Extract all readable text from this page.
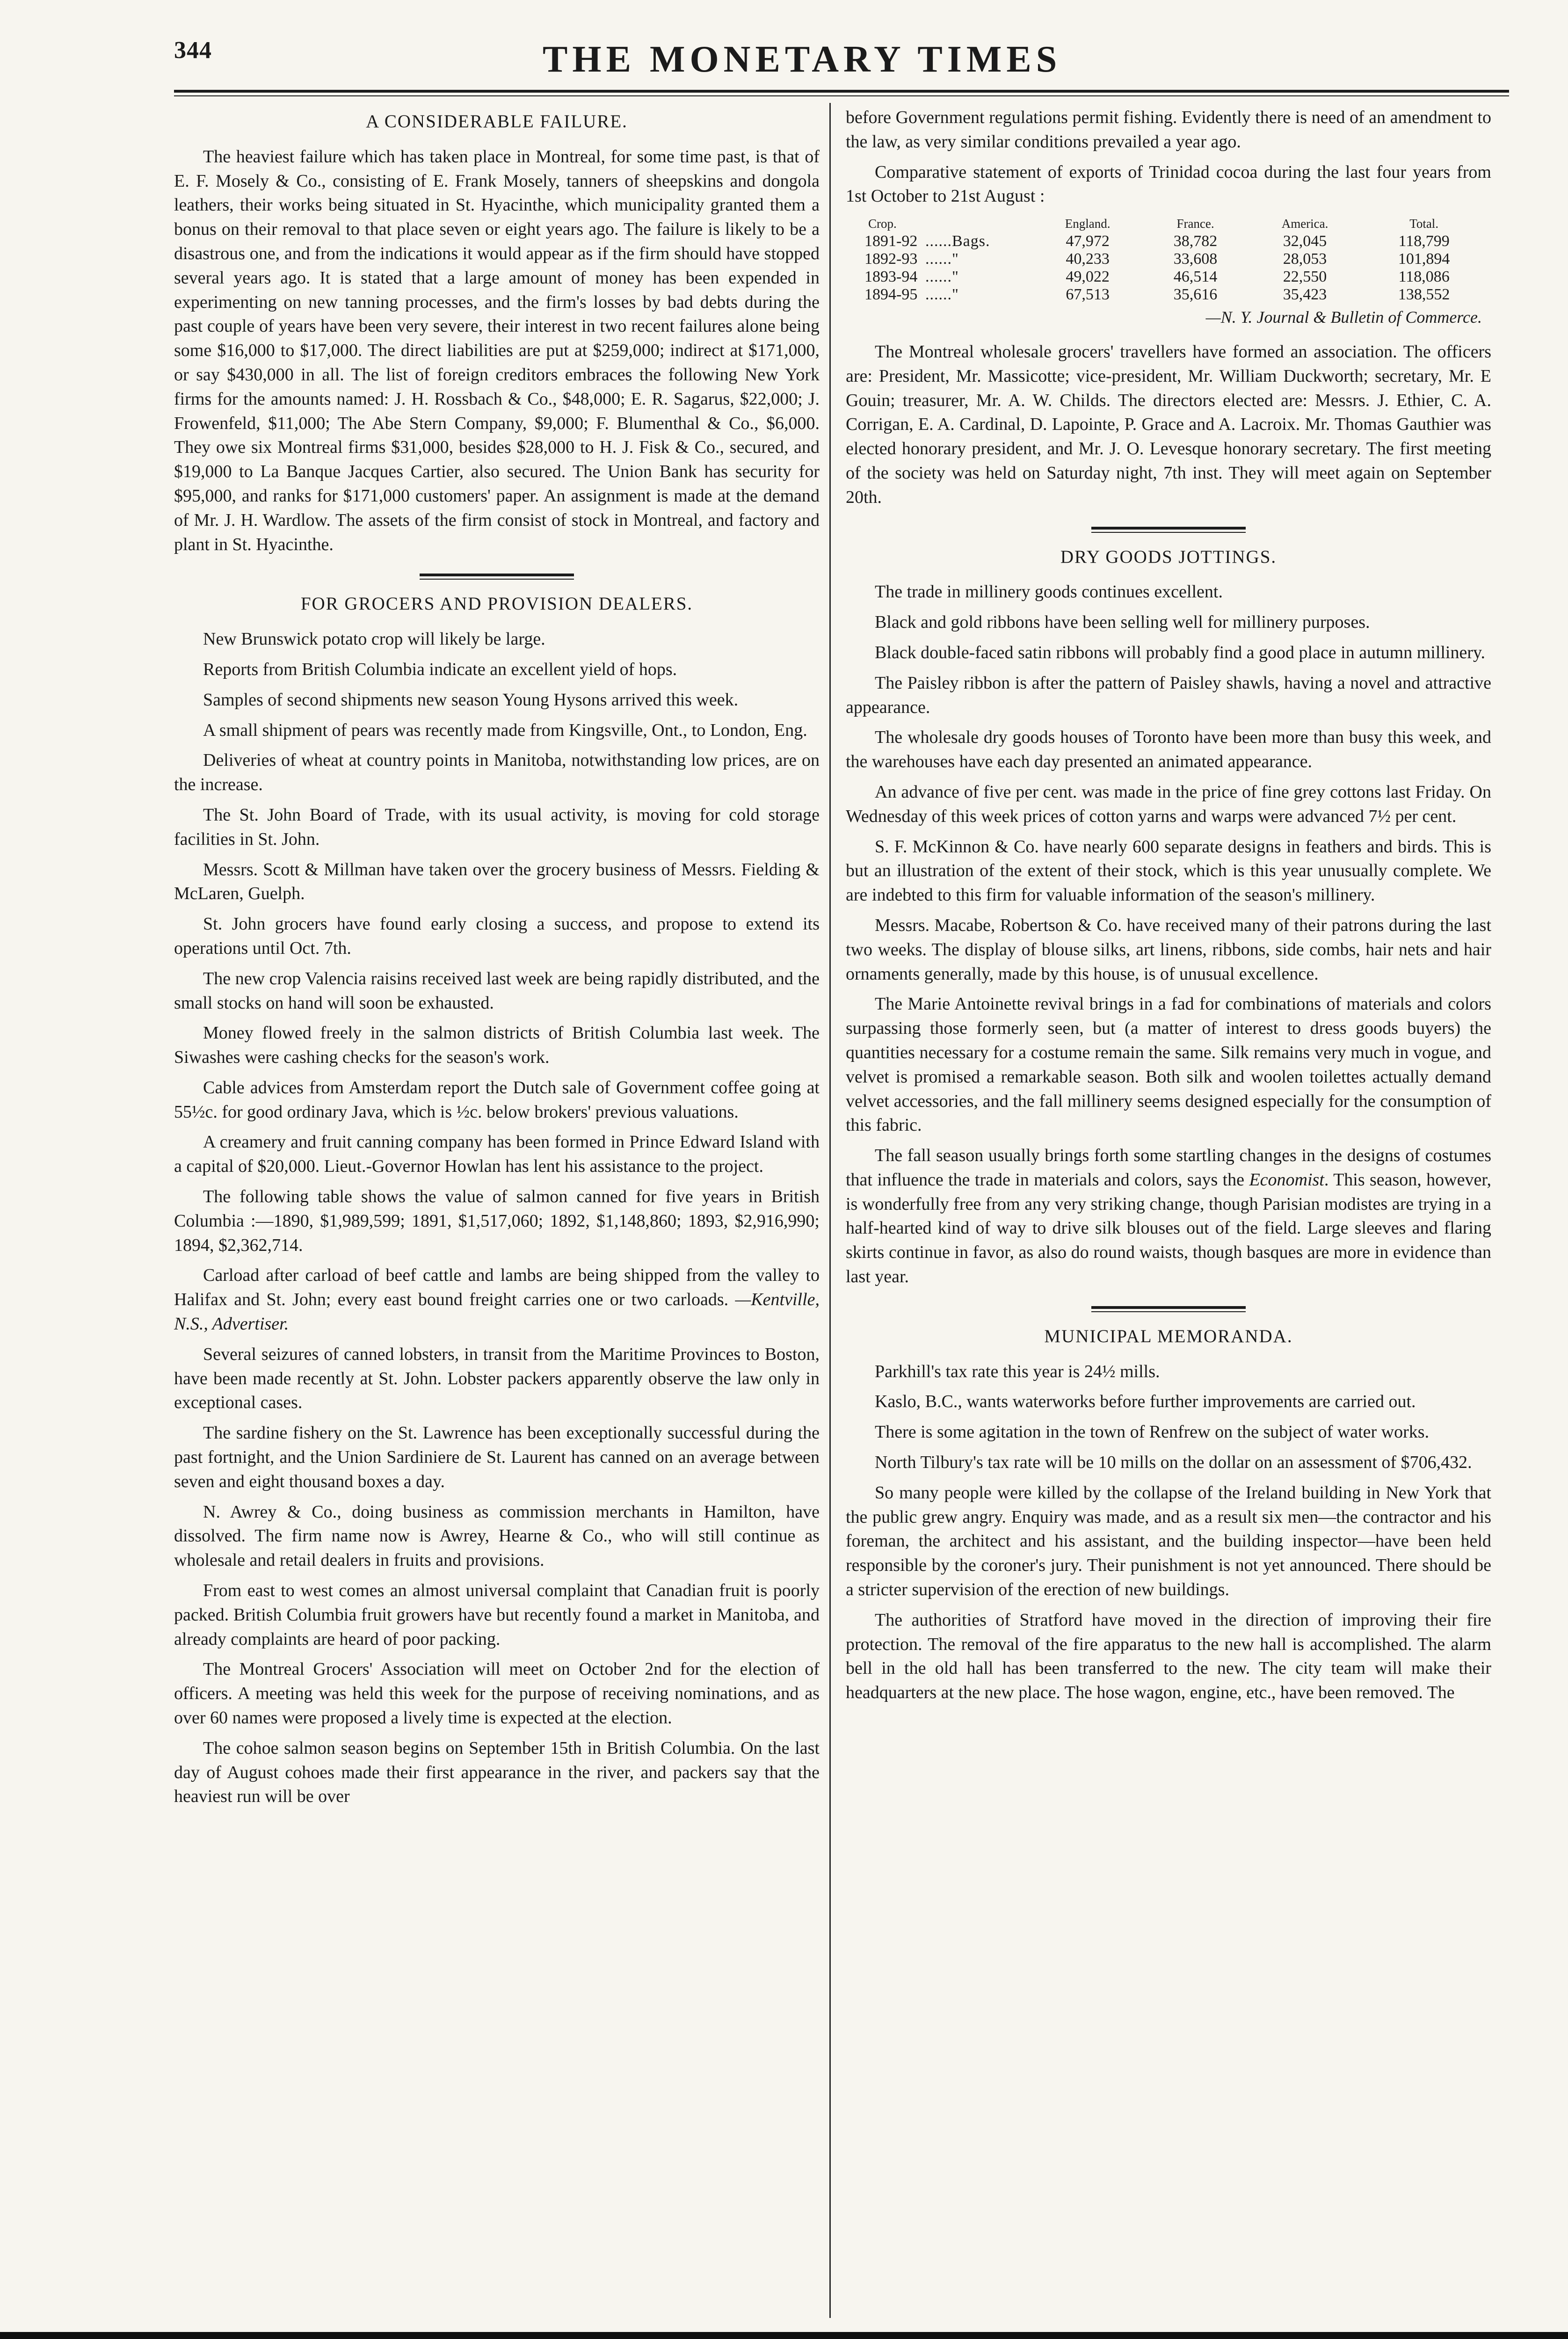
344	THE MONETARY TIMES
A CONSIDERABLE FAILURE.

The heaviest failure which has taken place in Montreal, for some time past, is that of E. F. Mosely & Co., consisting of E. Frank Mosely, tanners of sheepskins and dongola leathers, their works being situated in St. Hyacinthe, which municipality granted them a bonus on their removal to that place seven or eight years ago. The failure is likely to be a disastrous one, and from the indications it would appear as if the firm should have stopped several years ago. It is stated that a large amount of money has been expended in experimenting on new tanning processes, and the firm's losses by bad debts during the past couple of years have been very severe, their interest in two recent failures alone being some $16,000 to $17,000. The direct liabilities are put at $259,000; indirect at $171,000, or say $430,000 in all. The list of foreign creditors embraces the following New York firms for the amounts named: J. H. Rossbach & Co., $48,000; E. R. Sagarus, $22,000; J. Frowenfeld, $11,000; The Abe Stern Company, $9,000; F. Blumenthal & Co., $6,000. They owe six Montreal firms $31,000, besides $28,000 to H. J. Fisk & Co., secured, and $19,000 to La Banque Jacques Cartier, also secured. The Union Bank has security for $95,000, and ranks for $171,000 customers' paper. An assignment is made at the demand of Mr. J. H. Wardlow. The assets of the firm consist of stock in Montreal, and factory and plant in St. Hyacinthe.

FOR GROCERS AND PROVISION DEALERS.

New Brunswick potato crop will likely be large.

Reports from British Columbia indicate an excellent yield of hops.

Samples of second shipments new season Young Hysons arrived this week.

A small shipment of pears was recently made from Kingsville, Ont., to London, Eng.

Deliveries of wheat at country points in Manitoba, notwithstanding low prices, are on the increase.

The St. John Board of Trade, with its usual activity, is moving for cold storage facilities in St. John.

Messrs. Scott & Millman have taken over the grocery business of Messrs. Fielding & McLaren, Guelph.

St. John grocers have found early closing a success, and propose to extend its operations until Oct. 7th.

The new crop Valencia raisins received last week are being rapidly distributed, and the small stocks on hand will soon be exhausted.

Money flowed freely in the salmon districts of British Columbia last week. The Siwashes were cashing checks for the season's work.

Cable advices from Amsterdam report the Dutch sale of Government coffee going at 55½c. for good ordinary Java, which is ½c. below brokers' previous valuations.

A creamery and fruit canning company has been formed in Prince Edward Island with a capital of $20,000. Lieut.-Governor Howlan has lent his assistance to the project.

The following table shows the value of salmon canned for five years in British Columbia :—1890, $1,989,599; 1891, $1,517,060; 1892, $1,148,860; 1893, $2,916,990; 1894, $2,362,714.

Carload after carload of beef cattle and lambs are being shipped from the valley to Halifax and St. John; every east bound freight carries one or two carloads. —Kentville, N.S., Advertiser.

Several seizures of canned lobsters, in transit from the Maritime Provinces to Boston, have been made recently at St. John. Lobster packers apparently observe the law only in exceptional cases.

The sardine fishery on the St. Lawrence has been exceptionally successful during the past fortnight, and the Union Sardiniere de St. Laurent has canned on an average between seven and eight thousand boxes a day.

N. Awrey & Co., doing business as commission merchants in Hamilton, have dissolved. The firm name now is Awrey, Hearne & Co., who will still continue as wholesale and retail dealers in fruits and provisions.

From east to west comes an almost universal complaint that Canadian fruit is poorly packed. British Columbia fruit growers have but recently found a market in Manitoba, and already complaints are heard of poor packing.

The Montreal Grocers' Association will meet on October 2nd for the election of officers. A meeting was held this week for the purpose of receiving nominations, and as over 60 names were proposed a lively time is expected at the election.

The cohoe salmon season begins on September 15th in British Columbia. On the last day of August cohoes made their first appearance in the river, and packers say that the heaviest run will be over

before Government regulations permit fishing. Evidently there is need of an amendment to the law, as very similar conditions prevailed a year ago.

Comparative statement of exports of Trinidad cocoa during the last four years from 1st October to 21st August :

Crop.		England.	France.	America.	Total.
1891-92	......Bags.	47,972	38,782	32,045	118,799
1892-93	......"	40,233	33,608	28,053	101,894
1893-94	......"	49,022	46,514	22,550	118,086
1894-95	......"	67,513	35,616	35,423	138,552
—N. Y. Journal & Bulletin of Commerce.

The Montreal wholesale grocers' travellers have formed an association. The officers are: President, Mr. Massicotte; vice-president, Mr. William Duckworth; secretary, Mr. E Gouin; treasurer, Mr. A. W. Childs. The directors elected are: Messrs. J. Ethier, C. A. Corrigan, E. A. Cardinal, D. Lapointe, P. Grace and A. Lacroix. Mr. Thomas Gauthier was elected honorary president, and Mr. J. O. Levesque honorary secretary. The first meeting of the society was held on Saturday night, 7th inst. They will meet again on September 20th.

DRY GOODS JOTTINGS.

The trade in millinery goods continues excellent.

Black and gold ribbons have been selling well for millinery purposes.

Black double-faced satin ribbons will probably find a good place in autumn millinery.

The Paisley ribbon is after the pattern of Paisley shawls, having a novel and attractive appearance.

The wholesale dry goods houses of Toronto have been more than busy this week, and the warehouses have each day presented an animated appearance.

An advance of five per cent. was made in the price of fine grey cottons last Friday. On Wednesday of this week prices of cotton yarns and warps were advanced 7½ per cent.

S. F. McKinnon & Co. have nearly 600 separate designs in feathers and birds. This is but an illustration of the extent of their stock, which is this year unusually complete. We are indebted to this firm for valuable information of the season's millinery.

Messrs. Macabe, Robertson & Co. have received many of their patrons during the last two weeks. The display of blouse silks, art linens, ribbons, side combs, hair nets and hair ornaments generally, made by this house, is of unusual excellence.

The Marie Antoinette revival brings in a fad for combinations of materials and colors surpassing those formerly seen, but (a matter of interest to dress goods buyers) the quantities necessary for a costume remain the same. Silk remains very much in vogue, and velvet is promised a remarkable season. Both silk and woolen toilettes actually demand velvet accessories, and the fall millinery seems designed especially for the consumption of this fabric.

The fall season usually brings forth some startling changes in the designs of costumes that influence the trade in materials and colors, says the Economist. This season, however, is wonderfully free from any very striking change, though Parisian modistes are trying in a half-hearted kind of way to drive silk blouses out of the field. Large sleeves and flaring skirts continue in favor, as also do round waists, though basques are more in evidence than last year.

MUNICIPAL MEMORANDA.

Parkhill's tax rate this year is 24½ mills.

Kaslo, B.C., wants waterworks before further improvements are carried out.

There is some agitation in the town of Renfrew on the subject of water works.

North Tilbury's tax rate will be 10 mills on the dollar on an assessment of $706,432.

So many people were killed by the collapse of the Ireland building in New York that the public grew angry. Enquiry was made, and as a result six men—the contractor and his foreman, the architect and his assistant, and the building inspector—have been held responsible by the coroner's jury. Their punishment is not yet announced. There should be a stricter supervision of the erection of new buildings.

The authorities of Stratford have moved in the direction of improving their fire protection. The removal of the fire apparatus to the new hall is accomplished. The alarm bell in the old hall has been transferred to the new. The city team will make their headquarters at the new place. The hose wagon, engine, etc., have been removed. The
